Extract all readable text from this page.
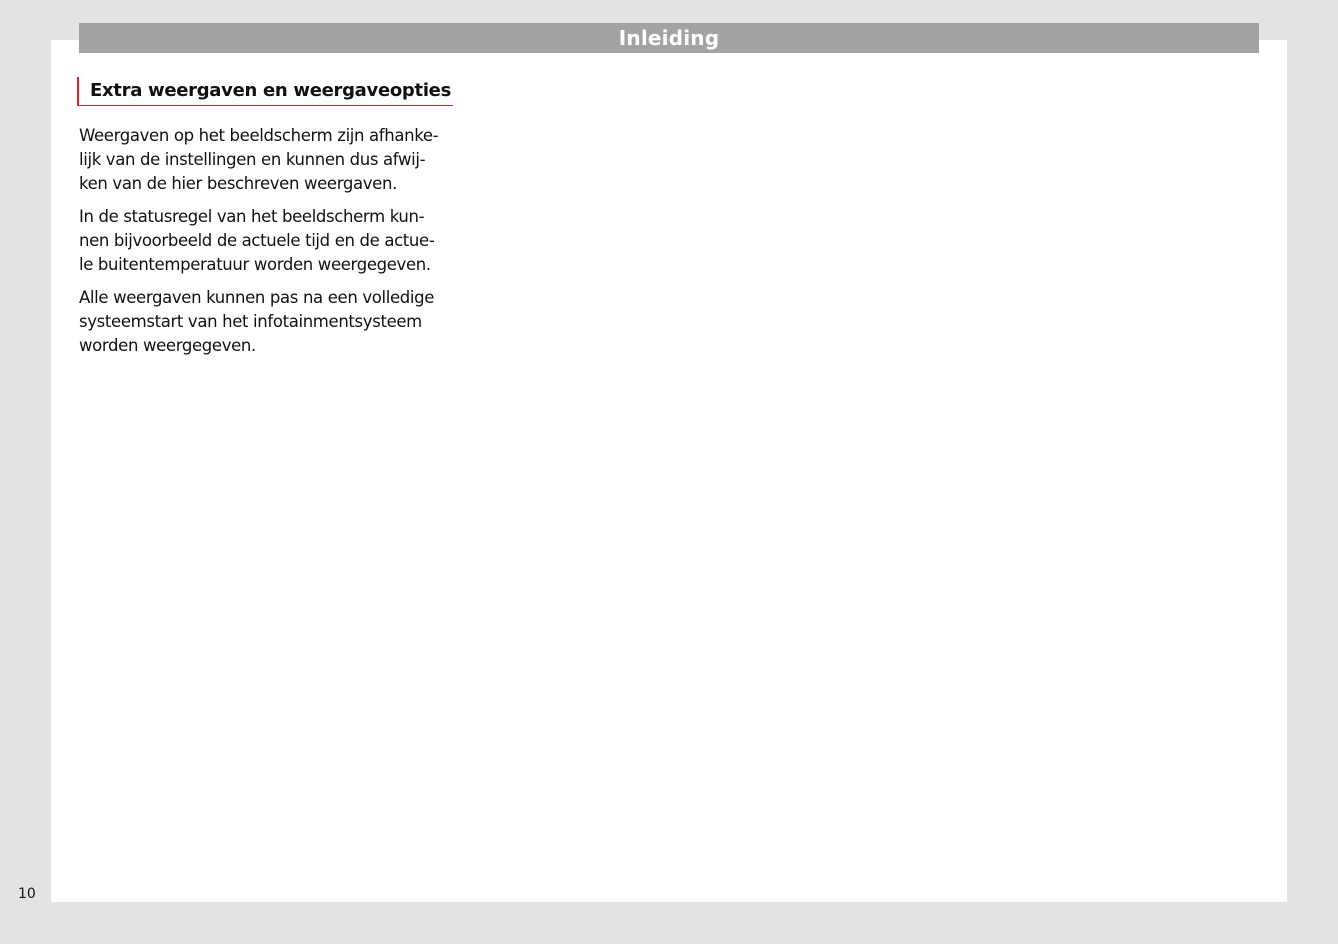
Inleiding
Extra weergaven en weergaveopties

Weergaven op het beeldscherm zijn afhanke-
lijk van de instellingen en kunnen dus afwij-
ken van de hier beschreven weergaven.

In de statusregel van het beeldscherm kun-
nen bijvoorbeeld de actuele tijd en de actue-
le buitentemperatuur worden weergegeven.

Alle weergaven kunnen pas na een volledige
systeemstart van het infotainmentsysteem
worden weergegeven.

10
